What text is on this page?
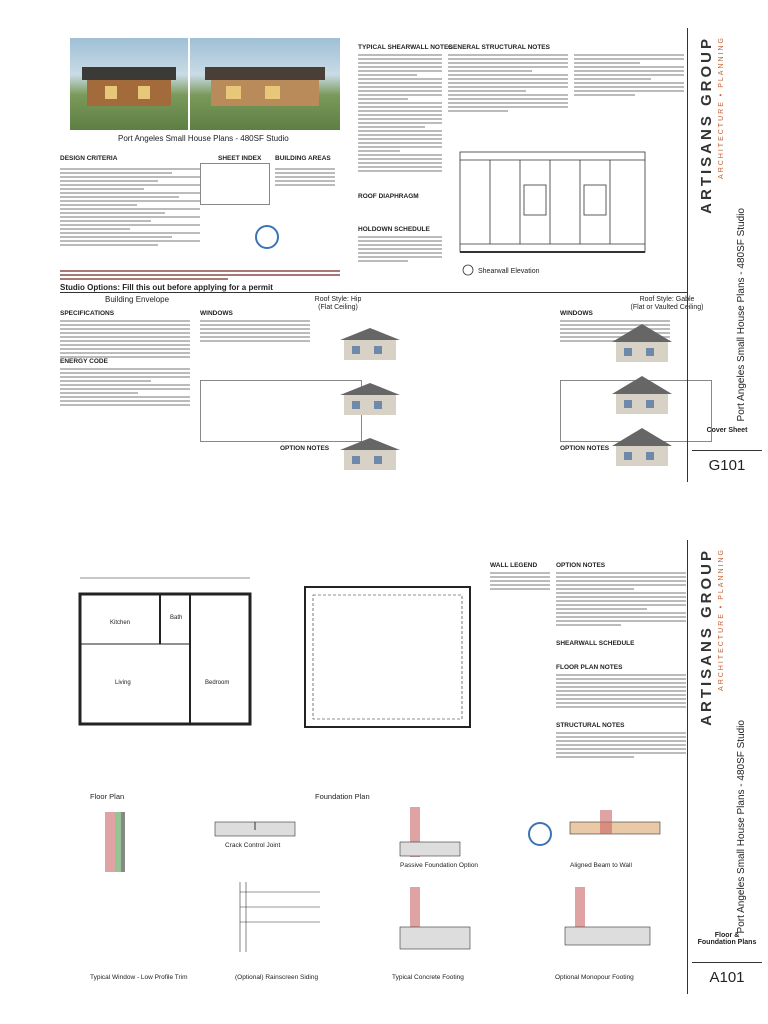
Port Angeles Small House Plans - 480SF Studio
DESIGN CRITERIA	SHEET INDEX BUILDING AREAS
TYPICAL SHEARWALL NOTES
HOLDOWN SCHEDULE
ROOF DIAPHRAGM
GENERAL STRUCTURAL NOTES
Shearwall Elevation
Studio Options: Fill this out before applying for a permit
Building Envelope
SPECIFICATIONS
ENERGY CODE
WINDOWS
Roof Style: Hip
(Flat Ceiling)
OPTION NOTES
WINDOWS
Roof Style: Gable
(Flat or Vaulted Ceiling)
OPTION NOTES
ARTISANS GROUP ARCHITECTURE • PLANNING
Port Angeles Small House Plans - 480SF Studio
Cover Sheet
G101
Kitchen
Bath
Living	Bedroom
Floor Plan	Foundation Plan
WALL LEGEND	OPTION NOTES
SHEARWALL SCHEDULE
FLOOR PLAN NOTES
STRUCTURAL NOTES
Crack Control Joint
Passive Foundation Option	Aligned Beam to Wall
Typical Window - Low Profile Trim	(Optional) Rainscreen Siding	Typical Concrete Footing	Optional Monopour Footing
ARTISANS GROUP ARCHITECTURE • PLANNING
Port Angeles Small House Plans - 480SF Studio
Floor &
Foundation Plans
A101
